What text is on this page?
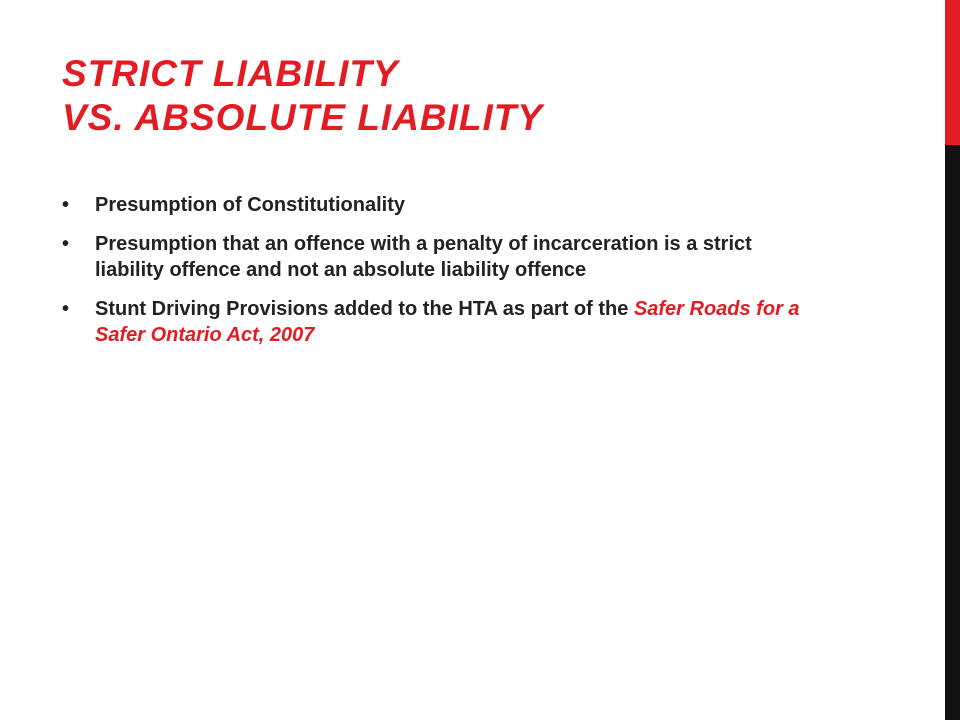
STRICT LIABILITY
VS. ABSOLUTE LIABILITY
• Presumption of Constitutionality
• Presumption that an offence with a penalty of incarceration is a strict liability offence and not an absolute liability offence
• Stunt Driving Provisions added to the HTA as part of the Safer Roads for a Safer Ontario Act, 2007
